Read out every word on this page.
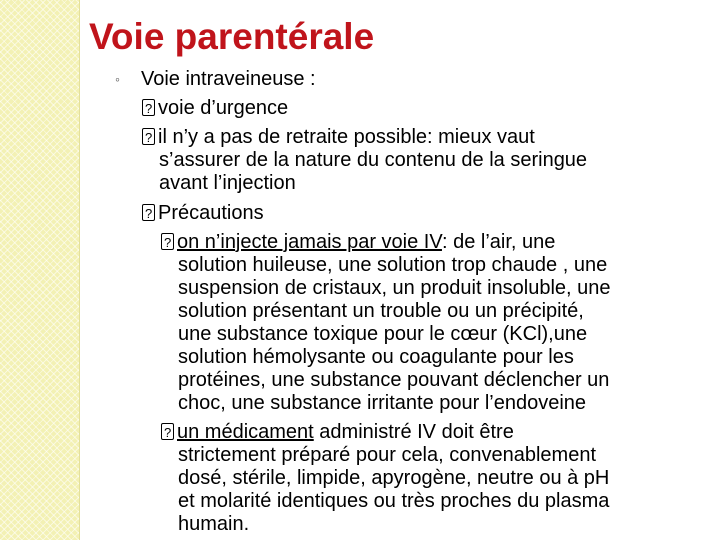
Voie parentérale
◦ Voie intraveineuse :
?voie d’urgence
?il n’y a pas de retraite possible: mieux vaut
s’assurer de la nature du contenu de la seringue
avant l’injection
?Précautions
?on n’injecte jamais par voie IV: de l’air, une
solution huileuse, une solution trop chaude , une
suspension de cristaux, un produit insoluble, une
solution présentant un trouble ou un précipité,
une substance toxique pour le cœur (KCl),une
solution hémolysante ou coagulante pour les
protéines, une substance pouvant déclencher un
choc, une substance irritante pour l’endoveine
?un médicament administré IV doit être
strictement préparé pour cela, convenablement
dosé, stérile, limpide, apyrogène, neutre ou à pH
et molarité identiques ou très proches du plasma
humain.
